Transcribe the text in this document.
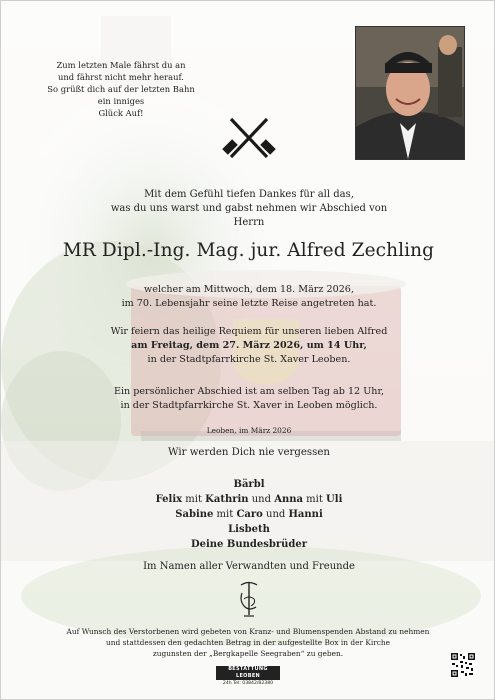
Zum letzten Male fährst du an
und fährst nicht mehr herauf.
So grüßt dich auf der letzten Bahn
ein inniges
Glück Auf!
Mit dem Gefühl tiefen Dankes für all das,
was du uns warst und gabst nehmen wir Abschied von
Herrn
MR Dipl.-Ing. Mag. jur. Alfred Zechling
welcher am Mittwoch, dem 18. März 2026,
im 70. Lebensjahr seine letzte Reise angetreten hat.
Wir feiern das heilige Requiem für unseren lieben Alfred
am Freitag, dem 27. März 2026, um 14 Uhr,
in der Stadtpfarrkirche St. Xaver Leoben.
Ein persönlicher Abschied ist am selben Tag ab 12 Uhr,
in der Stadtpfarrkirche St. Xaver in Leoben möglich.
Leoben, im März 2026
Wir werden Dich nie vergessen
Bärbl
Felix mit Kathrin und Anna mit Uli
Sabine mit Caro und Hanni
Lisbeth
Deine Bundesbrüder
Im Namen aller Verwandten und Freunde
Auf Wunsch des Verstorbenen wird gebeten von Kranz- und Blumenspenden Abstand zu nehmen
und stattdessen den gedachten Betrag in der aufgestellte Box in der Kirche
zugunsten der „Bergkapelle Seegraben“ zu geben.
BESTATTUNG LEOBEN
24h Tel: 03842/82380
